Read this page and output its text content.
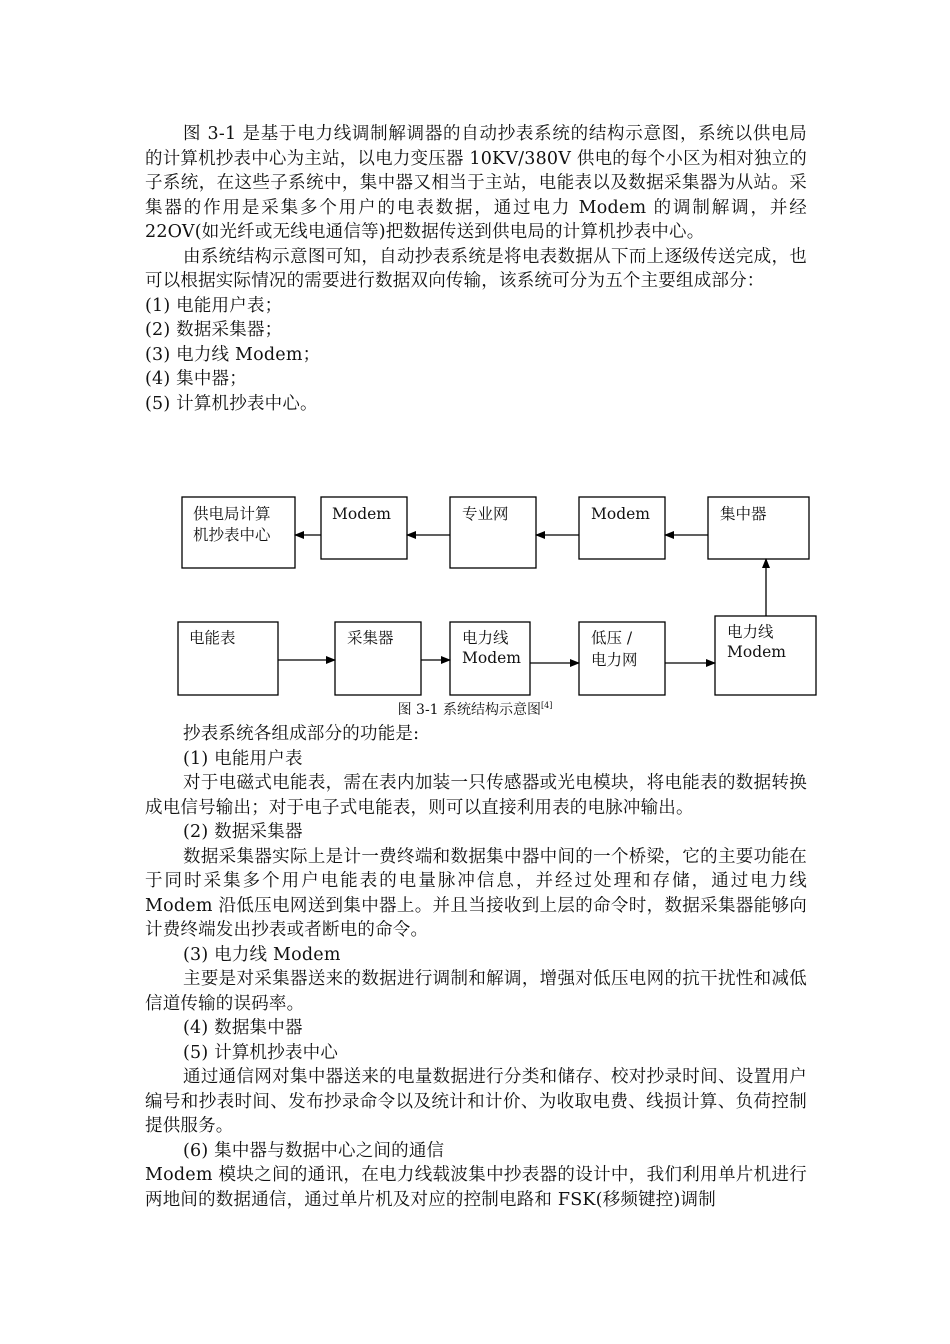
图 3-1 是基于电力线调制解调器的自动抄表系统的结构示意图，系统以供电局的计算机抄表中心为主站，以电力变压器 10KV/380V 供电的每个小区为相对独立的子系统，在这些子系统中，集中器又相当于主站，电能表以及数据采集器为从站。采集器的作用是采集多个用户的电表数据，通过电力 Modem 的调制解调，并经 22OV(如光纤或无线电通信等)把数据传送到供电局的计算机抄表中心。

由系统结构示意图可知，自动抄表系统是将电表数据从下而上逐级传送完成，也可以根据实际情况的需要进行数据双向传输，该系统可分为五个主要组成部分：

(1) 电能用户表；

(2) 数据采集器；

(3) 电力线 Modem；

(4) 集中器；

(5) 计算机抄表中心。

供电局计算
机抄表中心
Modem	专业网	Modem	集中器
电能表	采集器	电力线
Modem
低压 /
电力网
电力线
Modem
图 3-1 系统结构示意图[4]

抄表系统各组成部分的功能是:

(1) 电能用户表

对于电磁式电能表，需在表内加装一只传感器或光电模块，将电能表的数据转换成电信号输出；对于电子式电能表，则可以直接利用表的电脉冲输出。

(2) 数据采集器

数据采集器实际上是计一费终端和数据集中器中间的一个桥梁，它的主要功能在于同时采集多个用户电能表的电量脉冲信息，并经过处理和存储，通过电力线 Modem 沿低压电网送到集中器上。并且当接收到上层的命令时，数据采集器能够向计费终端发出抄表或者断电的命令。

(3) 电力线 Modem

主要是对采集器送来的数据进行调制和解调，增强对低压电网的抗干扰性和减低信道传输的误码率。

(4) 数据集中器

(5) 计算机抄表中心

通过通信网对集中器送来的电量数据进行分类和储存、校对抄录时间、设置用户编号和抄表时间、发布抄录命令以及统计和计价、为收取电费、线损计算、负荷控制提供服务。

(6) 集中器与数据中心之间的通信

Modem 模块之间的通讯，在电力线载波集中抄表器的设计中，我们利用单片机进行两地间的数据通信，通过单片机及对应的控制电路和 FSK(移频键控)调制
